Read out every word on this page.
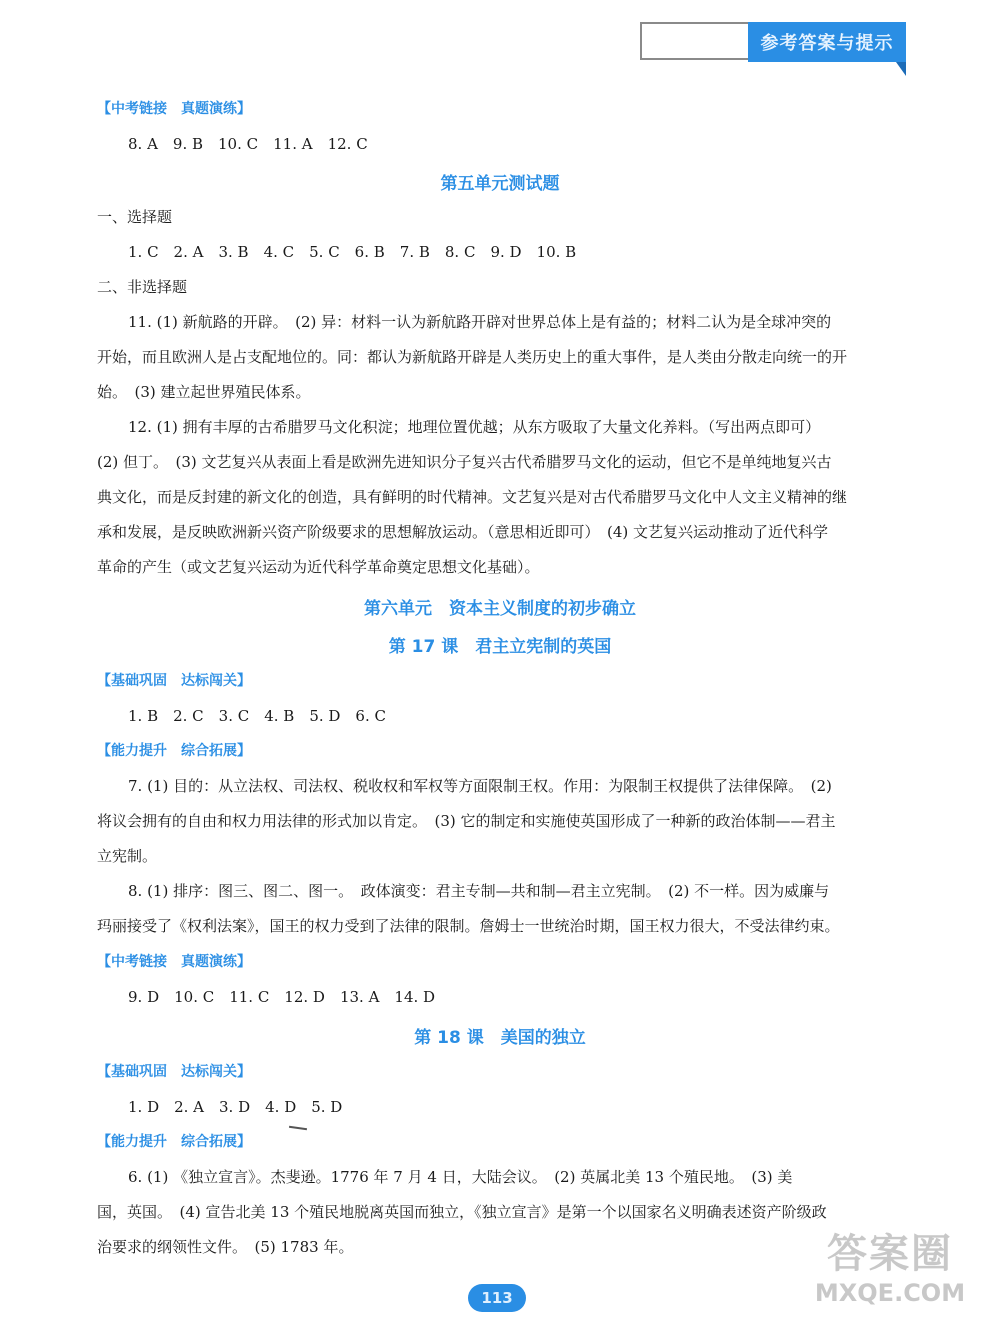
参考答案与提示
【中考链接　真题演练】
8. A　9. B　10. C　11. A　12. C
第五单元测试题
一、选择题
1. C　2. A　3. B　4. C　5. C　6. B　7. B　8. C　9. D　10. B
二、非选择题
11. (1) 新航路的开辟。　(2) 异：材料一认为新航路开辟对世界总体上是有益的；材料二认为是全球冲突的
开始，而且欧洲人是占支配地位的。同：都认为新航路开辟是人类历史上的重大事件，是人类由分散走向统一的开
始。　(3) 建立起世界殖民体系。
12. (1) 拥有丰厚的古希腊罗马文化积淀；地理位置优越；从东方吸取了大量文化养料。（写出两点即可）
(2) 但丁。　(3) 文艺复兴从表面上看是欧洲先进知识分子复兴古代希腊罗马文化的运动，但它不是单纯地复兴古
典文化，而是反封建的新文化的创造，具有鲜明的时代精神。文艺复兴是对古代希腊罗马文化中人文主义精神的继
承和发展，是反映欧洲新兴资产阶级要求的思想解放运动。（意思相近即可）　(4) 文艺复兴运动推动了近代科学
革命的产生（或文艺复兴运动为近代科学革命奠定思想文化基础）。
第六单元　资本主义制度的初步确立
第 17 课　君主立宪制的英国
【基础巩固　达标闯关】
1. B　2. C　3. C　4. B　5. D　6. C
【能力提升　综合拓展】
7. (1) 目的：从立法权、司法权、税收权和军权等方面限制王权。作用：为限制王权提供了法律保障。　(2)
将议会拥有的自由和权力用法律的形式加以肯定。　(3) 它的制定和实施使英国形成了一种新的政治体制——君主
立宪制。
8. (1) 排序：图三、图二、图一。　政体演变：君主专制—共和制—君主立宪制。　(2) 不一样。因为威廉与
玛丽接受了《权利法案》，国王的权力受到了法律的限制。詹姆士一世统治时期，国王权力很大，不受法律约束。
【中考链接　真题演练】
9. D　10. C　11. C　12. D　13. A　14. D
第 18 课　美国的独立
【基础巩固　达标闯关】
1. D　2. A　3. D　4. D　5. D
【能力提升　综合拓展】
6. (1) 《独立宣言》。杰斐逊。1776 年 7 月 4 日，大陆会议。　(2) 英属北美 13 个殖民地。　(3) 美
国，英国。　(4) 宣告北美 13 个殖民地脱离英国而独立，《独立宣言》是第一个以国家名义明确表述资产阶级政
治要求的纲领性文件。　(5) 1783 年。
113
答案圈
MXQE.COM
